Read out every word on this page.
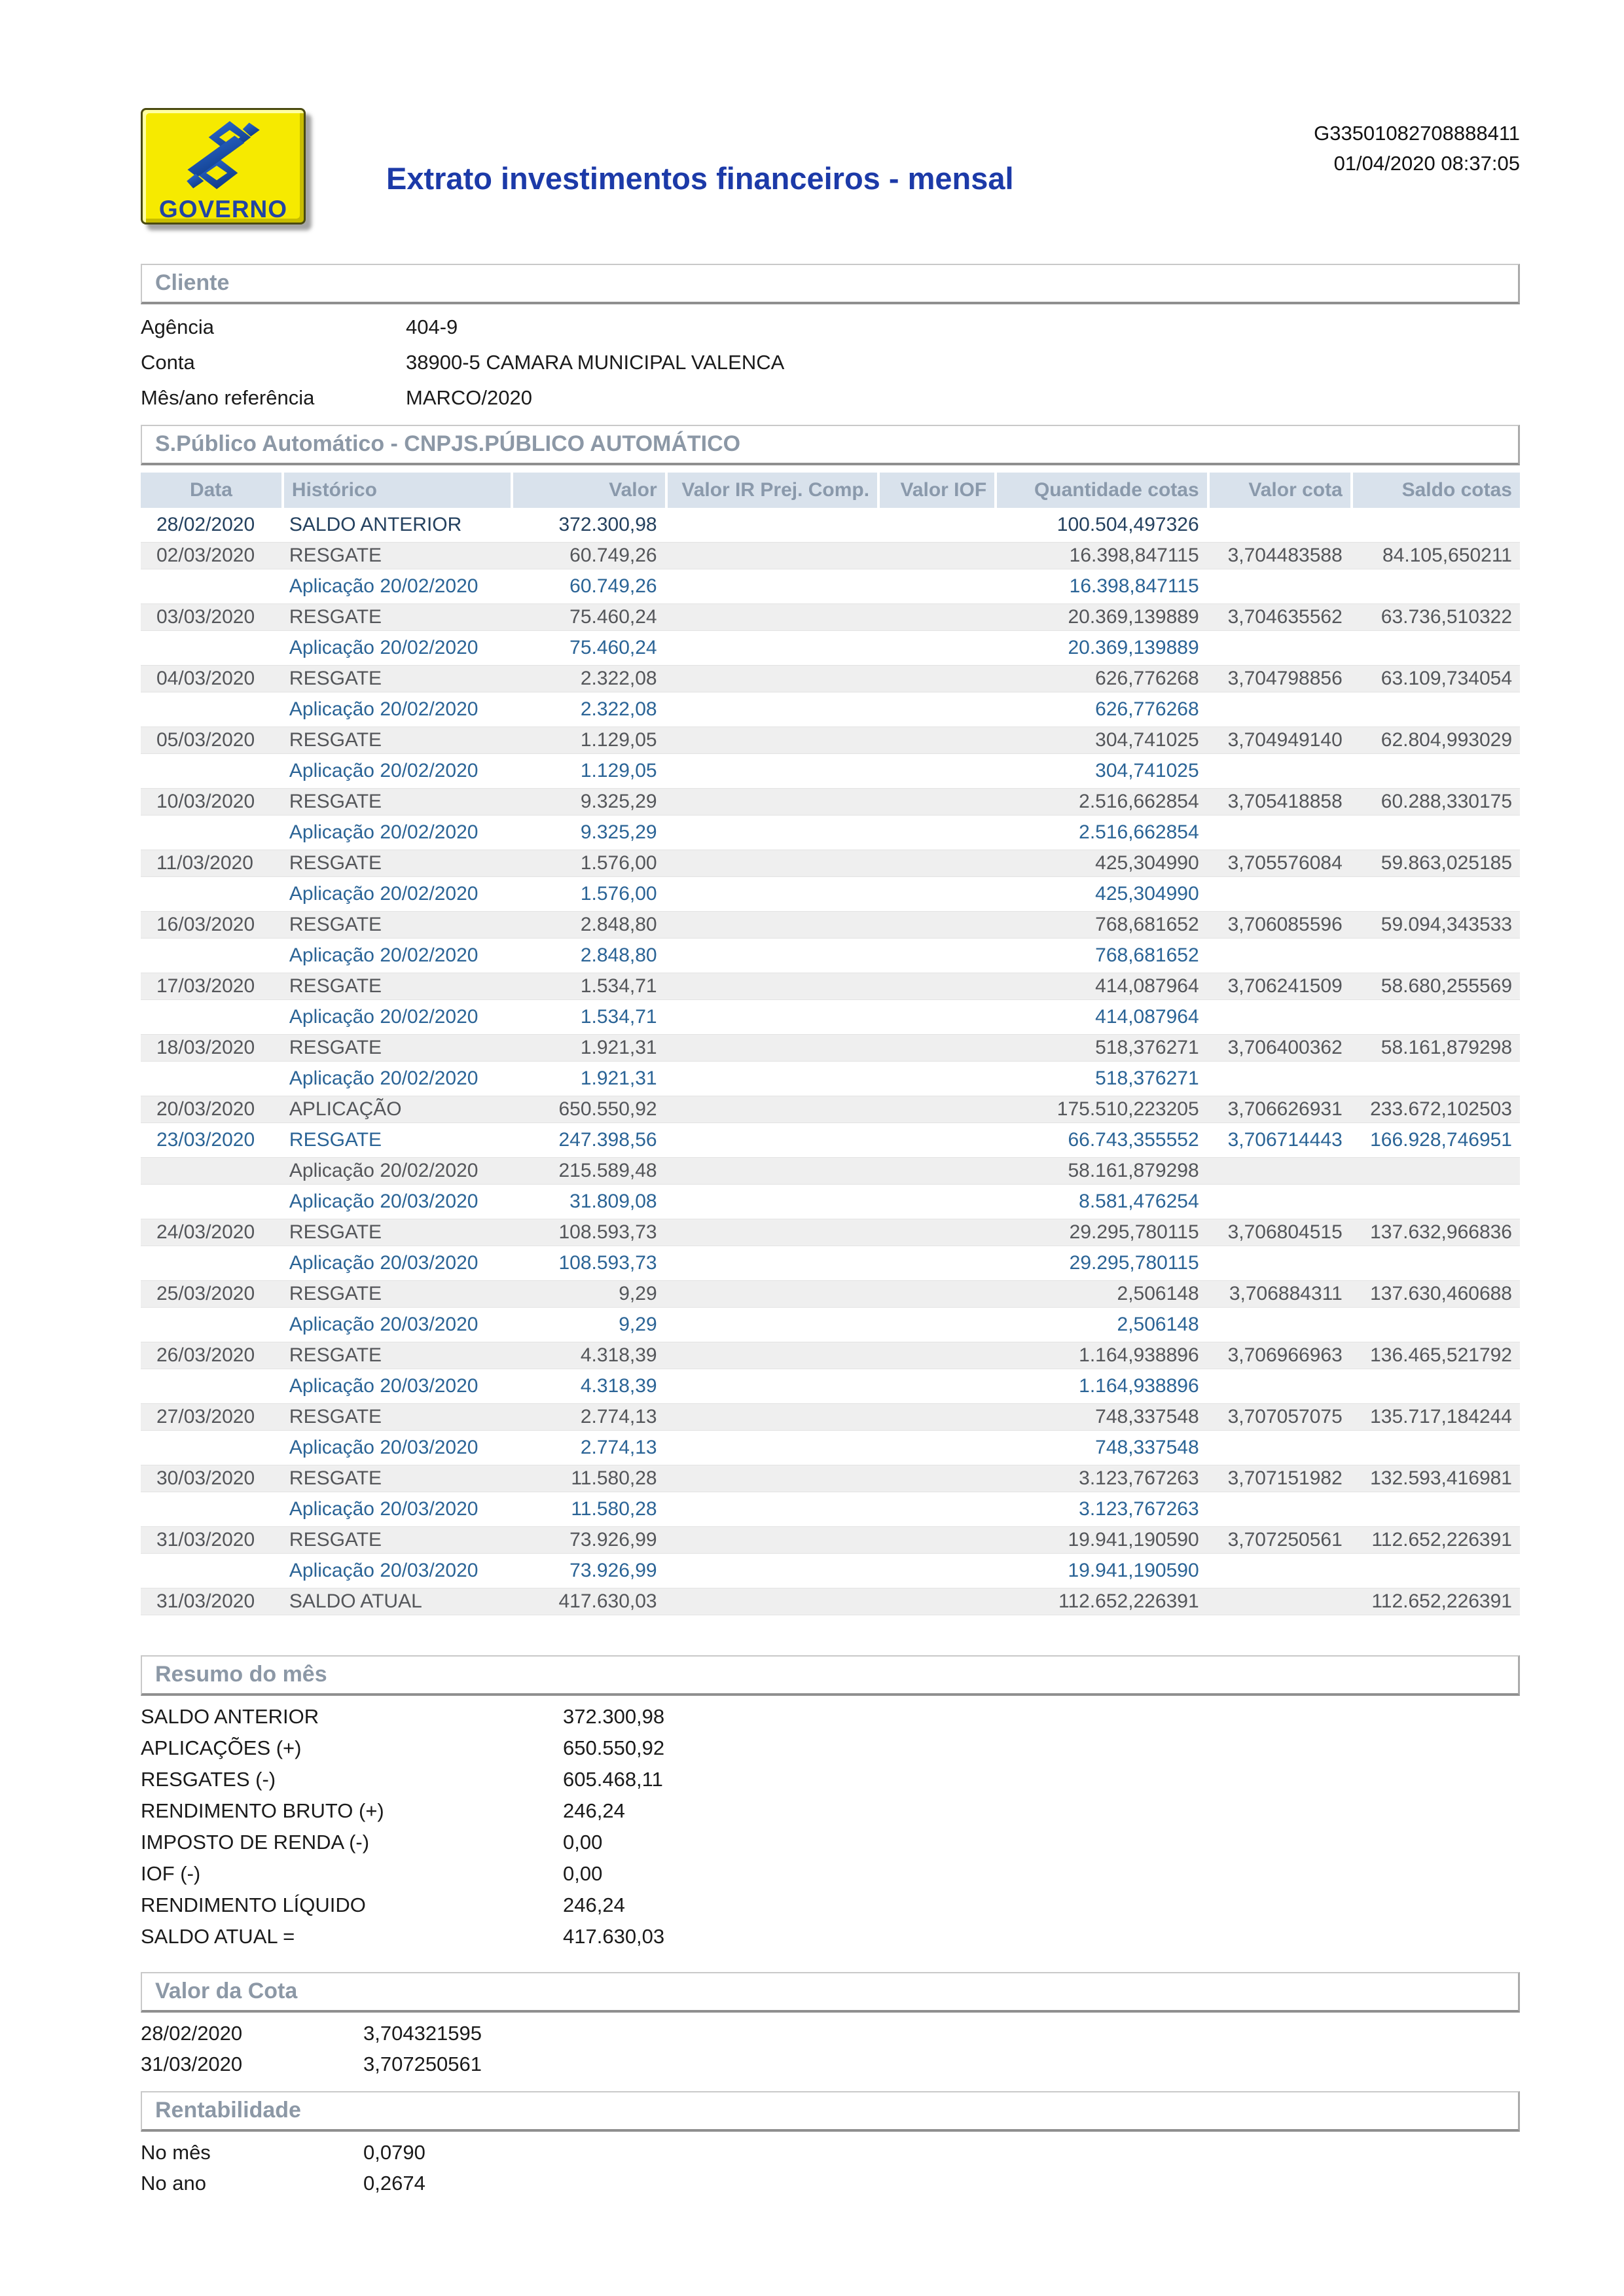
GOVERNO
Extrato investimentos financeiros - mensal
G33501082708888411
01/04/2020 08:37:05
Cliente
Agência	404-9
Conta	38900-5 CAMARA MUNICIPAL VALENCA
Mês/ano referência	MARCO/2020
S.Público Automático - CNPJS.PÚBLICO AUTOMÁTICO
Data	Histórico	Valor	Valor IR Prej. Comp.	Valor IOF	Quantidade cotas	Valor cota	Saldo cotas
28/02/2020	SALDO ANTERIOR	372.300,98			100.504,497326		
02/03/2020	RESGATE	60.749,26			16.398,847115	3,704483588	84.105,650211
	Aplicação 20/02/2020	60.749,26			16.398,847115		
03/03/2020	RESGATE	75.460,24			20.369,139889	3,704635562	63.736,510322
	Aplicação 20/02/2020	75.460,24			20.369,139889		
04/03/2020	RESGATE	2.322,08			626,776268	3,704798856	63.109,734054
	Aplicação 20/02/2020	2.322,08			626,776268		
05/03/2020	RESGATE	1.129,05			304,741025	3,704949140	62.804,993029
	Aplicação 20/02/2020	1.129,05			304,741025		
10/03/2020	RESGATE	9.325,29			2.516,662854	3,705418858	60.288,330175
	Aplicação 20/02/2020	9.325,29			2.516,662854		
11/03/2020	RESGATE	1.576,00			425,304990	3,705576084	59.863,025185
	Aplicação 20/02/2020	1.576,00			425,304990		
16/03/2020	RESGATE	2.848,80			768,681652	3,706085596	59.094,343533
	Aplicação 20/02/2020	2.848,80			768,681652		
17/03/2020	RESGATE	1.534,71			414,087964	3,706241509	58.680,255569
	Aplicação 20/02/2020	1.534,71			414,087964		
18/03/2020	RESGATE	1.921,31			518,376271	3,706400362	58.161,879298
	Aplicação 20/02/2020	1.921,31			518,376271		
20/03/2020	APLICAÇÃO	650.550,92			175.510,223205	3,706626931	233.672,102503
23/03/2020	RESGATE	247.398,56			66.743,355552	3,706714443	166.928,746951
	Aplicação 20/02/2020	215.589,48			58.161,879298		
	Aplicação 20/03/2020	31.809,08			8.581,476254		
24/03/2020	RESGATE	108.593,73			29.295,780115	3,706804515	137.632,966836
	Aplicação 20/03/2020	108.593,73			29.295,780115		
25/03/2020	RESGATE	9,29			2,506148	3,706884311	137.630,460688
	Aplicação 20/03/2020	9,29			2,506148		
26/03/2020	RESGATE	4.318,39			1.164,938896	3,706966963	136.465,521792
	Aplicação 20/03/2020	4.318,39			1.164,938896		
27/03/2020	RESGATE	2.774,13			748,337548	3,707057075	135.717,184244
	Aplicação 20/03/2020	2.774,13			748,337548		
30/03/2020	RESGATE	11.580,28			3.123,767263	3,707151982	132.593,416981
	Aplicação 20/03/2020	11.580,28			3.123,767263		
31/03/2020	RESGATE	73.926,99			19.941,190590	3,707250561	112.652,226391
	Aplicação 20/03/2020	73.926,99			19.941,190590		
31/03/2020	SALDO ATUAL	417.630,03			112.652,226391		112.652,226391
Resumo do mês
SALDO ANTERIOR	372.300,98
APLICAÇÕES (+)	650.550,92
RESGATES (-)	605.468,11
RENDIMENTO BRUTO (+)	246,24
IMPOSTO DE RENDA (-)	0,00
IOF (-)	0,00
RENDIMENTO LÍQUIDO	246,24
SALDO ATUAL =	417.630,03
Valor da Cota
28/02/2020	3,704321595
31/03/2020	3,707250561
Rentabilidade
No mês	0,0790
No ano	0,2674
